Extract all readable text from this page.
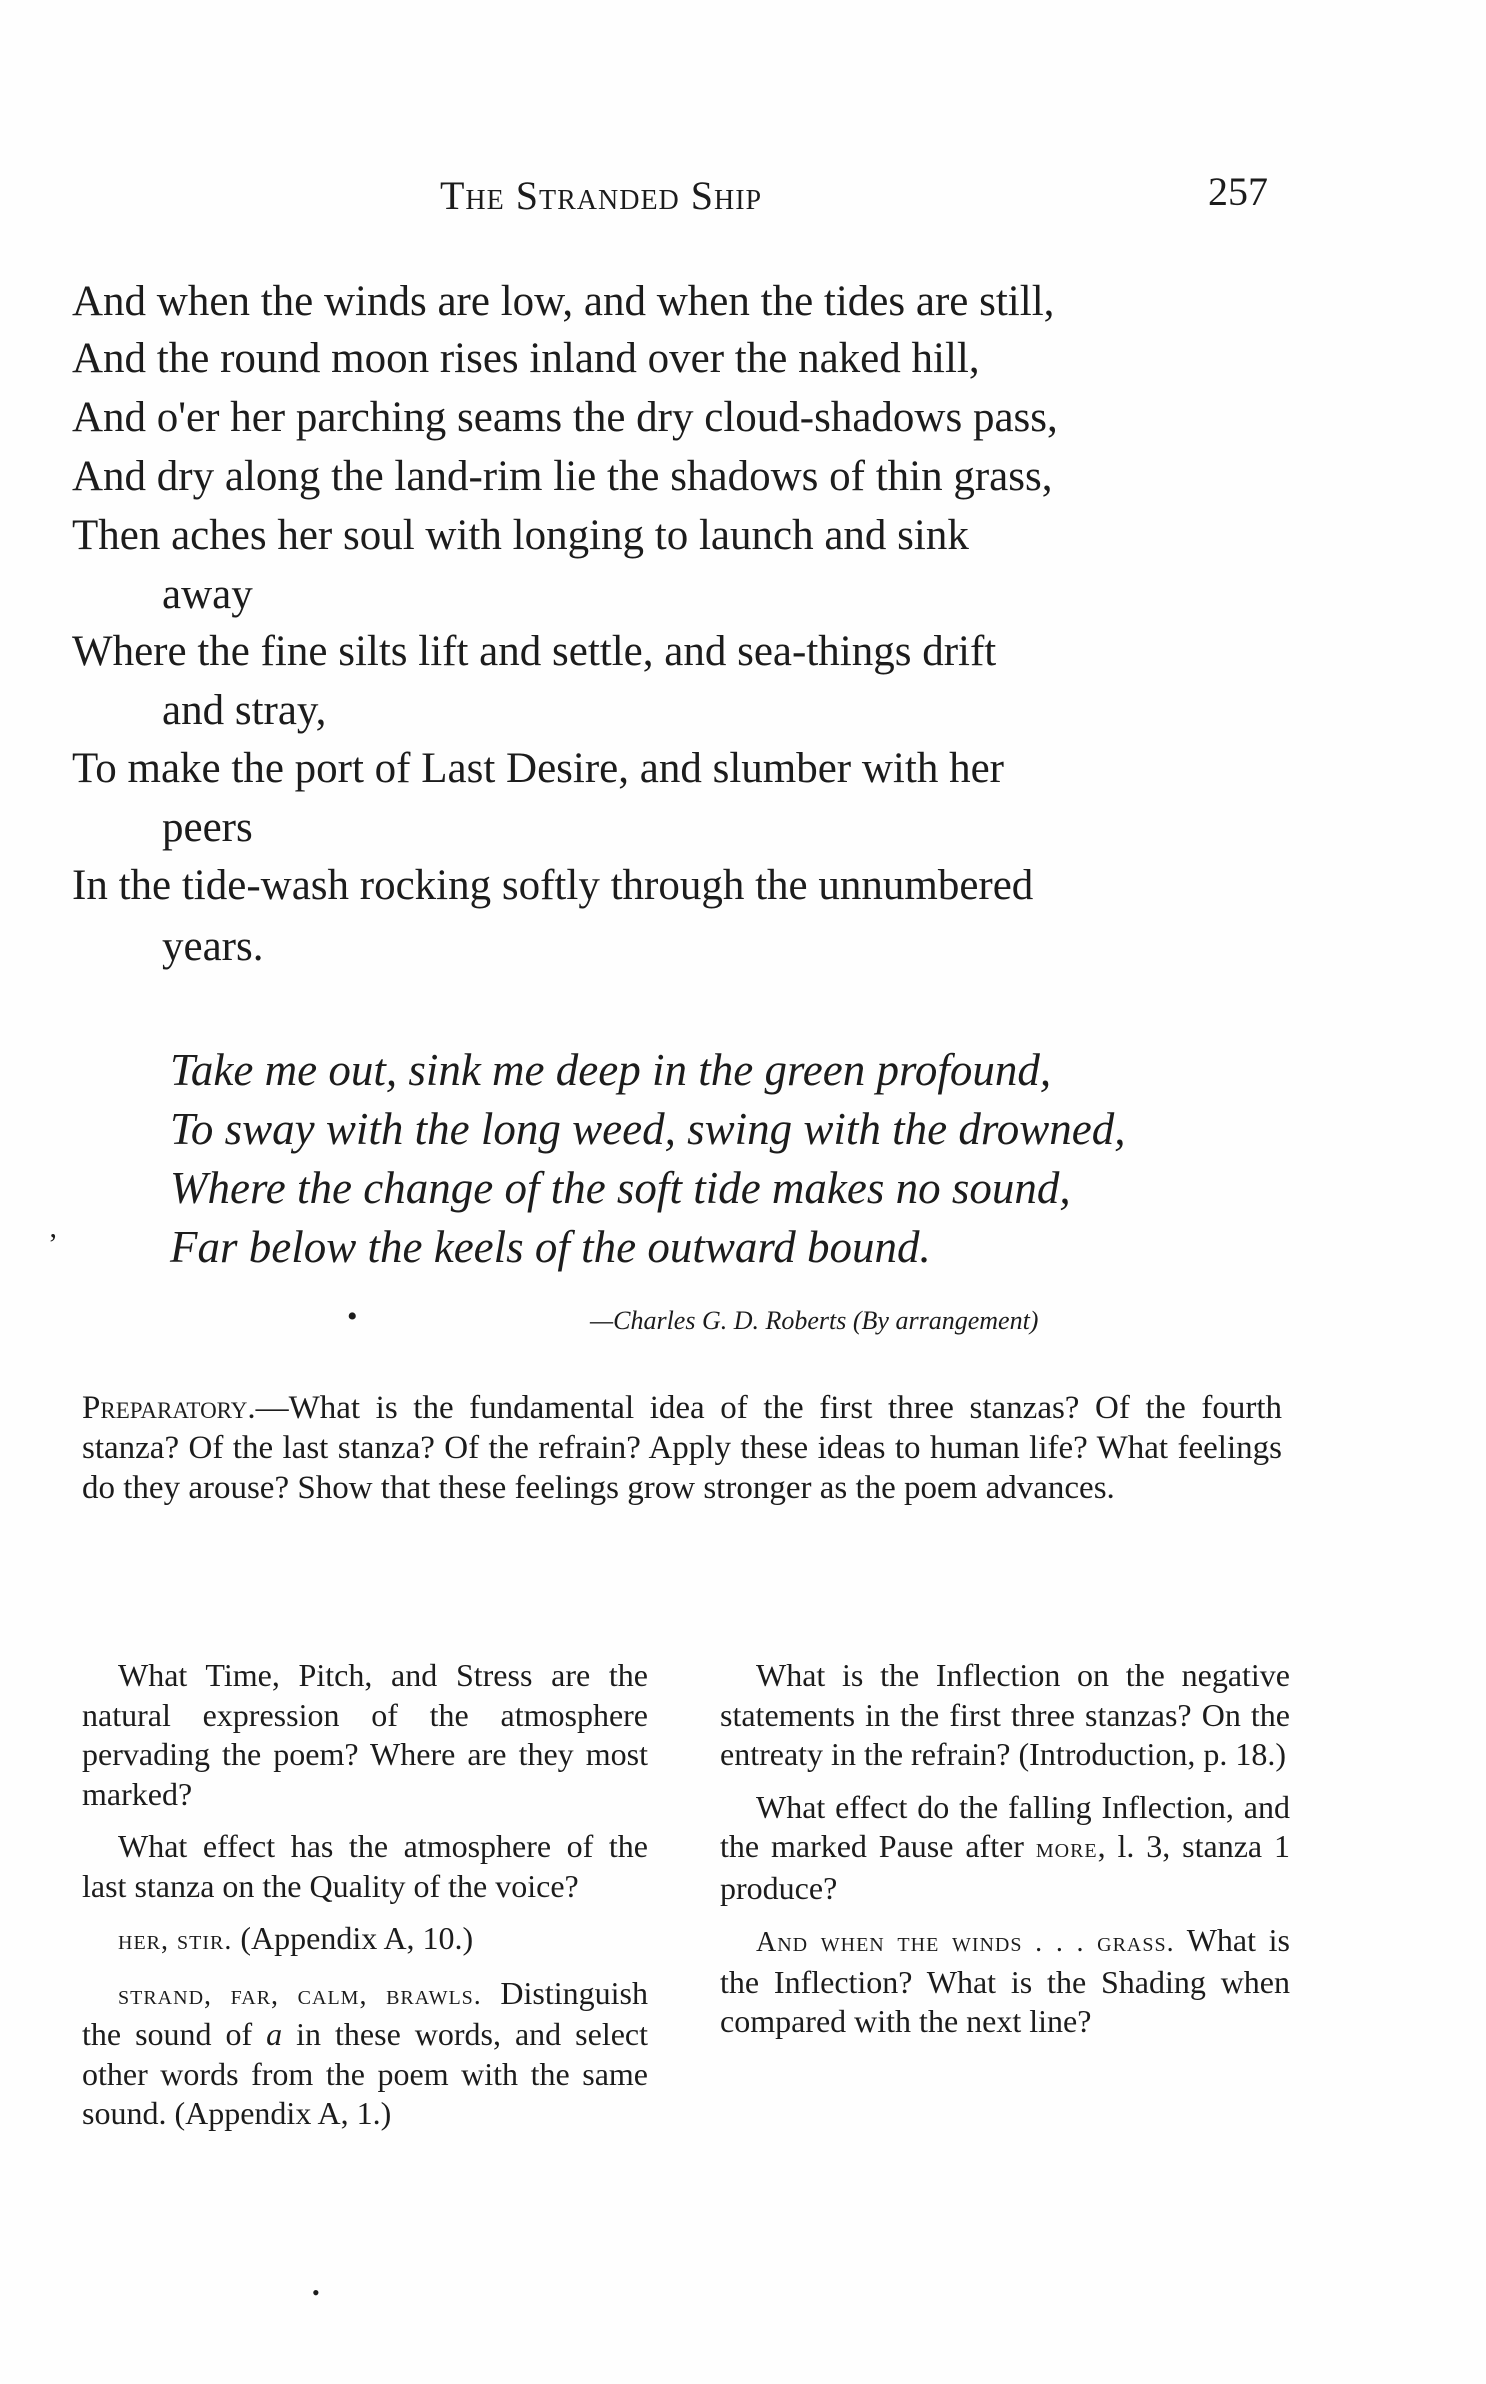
The Stranded Ship	257
And when the winds are low, and when the tides are still,
And the round moon rises inland over the naked hill,
And o'er her parching seams the dry cloud-shadows pass,
And dry along the land-rim lie the shadows of thin grass,
Then aches her soul with longing to launch and sink
away
Where the fine silts lift and settle, and sea-things drift
and stray,
To make the port of Last Desire, and slumber with her
peers
In the tide-wash rocking softly through the unnumbered
years.
Take me out, sink me deep in the green profound,
To sway with the long weed, swing with the drowned,
Where the change of the soft tide makes no sound,
Far below the keels of the outward bound.
—Charles G. D. Roberts (By arrangement)
ʼ
•
•
Preparatory.—What is the fundamental idea of the first three stanzas? Of the fourth stanza? Of the last stanza? Of the refrain? Apply these ideas to human life? What feelings do they arouse? Show that these feelings grow stronger as the poem advances.

What Time, Pitch, and Stress are the natural expression of the atmosphere pervading the poem? Where are they most marked?

What effect has the atmosphere of the last stanza on the Quality of the voice?

her, stir. (Appendix A, 10.)

strand, far, calm, brawls. Distinguish the sound of a in these words, and select other words from the poem with the same sound. (Appendix A, 1.)

What is the Inflection on the negative statements in the first three stanzas? On the entreaty in the refrain? (Introduction, p. 18.)

What effect do the falling Inflection, and the marked Pause after more, l. 3, stanza 1 produce?

And when the winds . . . grass. What is the Inflection? What is the Shading when compared with the next line?
